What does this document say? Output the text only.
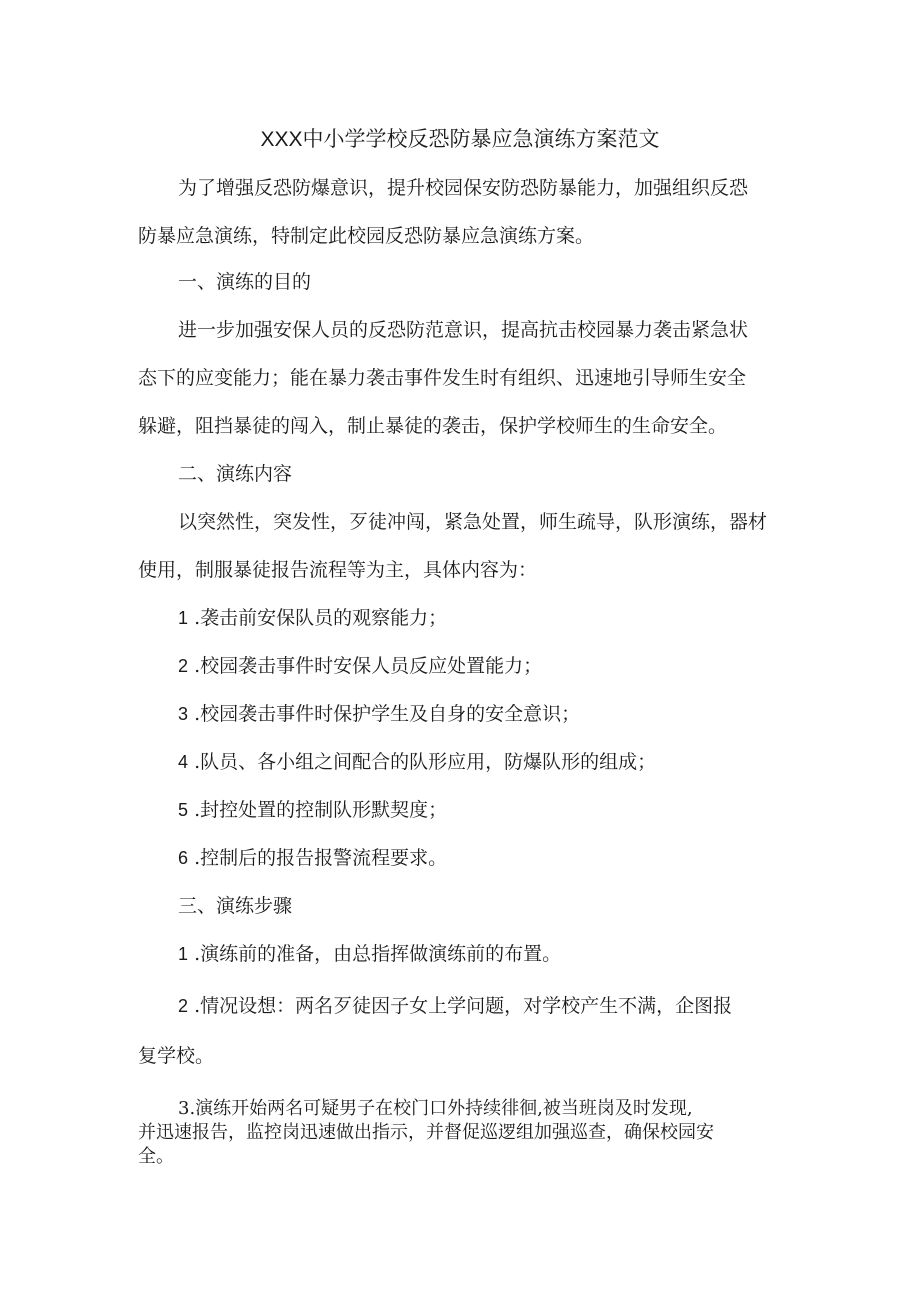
XXX中小学学校反恐防暴应急演练方案范文
为了增强反恐防爆意识，提升校园保安防恐防暴能力，加强组织反恐
防暴应急演练，特制定此校园反恐防暴应急演练方案。
一、演练的目的
进一步加强安保人员的反恐防范意识，提高抗击校园暴力袭击紧急状
态下的应变能力；能在暴力袭击事件发生时有组织、迅速地引导师生安全
躲避，阻挡暴徒的闯入，制止暴徒的袭击，保护学校师生的生命安全。
二、演练内容
以突然性，突发性，歹徒冲闯，紧急处置，师生疏导，队形演练，器材
使用，制服暴徒报告流程等为主，具体内容为：
1 .袭击前安保队员的观察能力；
2 .校园袭击事件时安保人员反应处置能力；
3 .校园袭击事件时保护学生及自身的安全意识；
4 .队员、各小组之间配合的队形应用，防爆队形的组成；
5 .封控处置的控制队形默契度；
6 .控制后的报告报警流程要求。
三、演练步骤
1 .演练前的准备，由总指挥做演练前的布置。
2 .情况设想：两名歹徒因子女上学问题，对学校产生不满，企图报
复学校。
3.演练开始两名可疑男子在校门口外持续徘徊,被当班岗及时发现,
并迅速报告，监控岗迅速做出指示，并督促巡逻组加强巡查，确保校园安
全。
